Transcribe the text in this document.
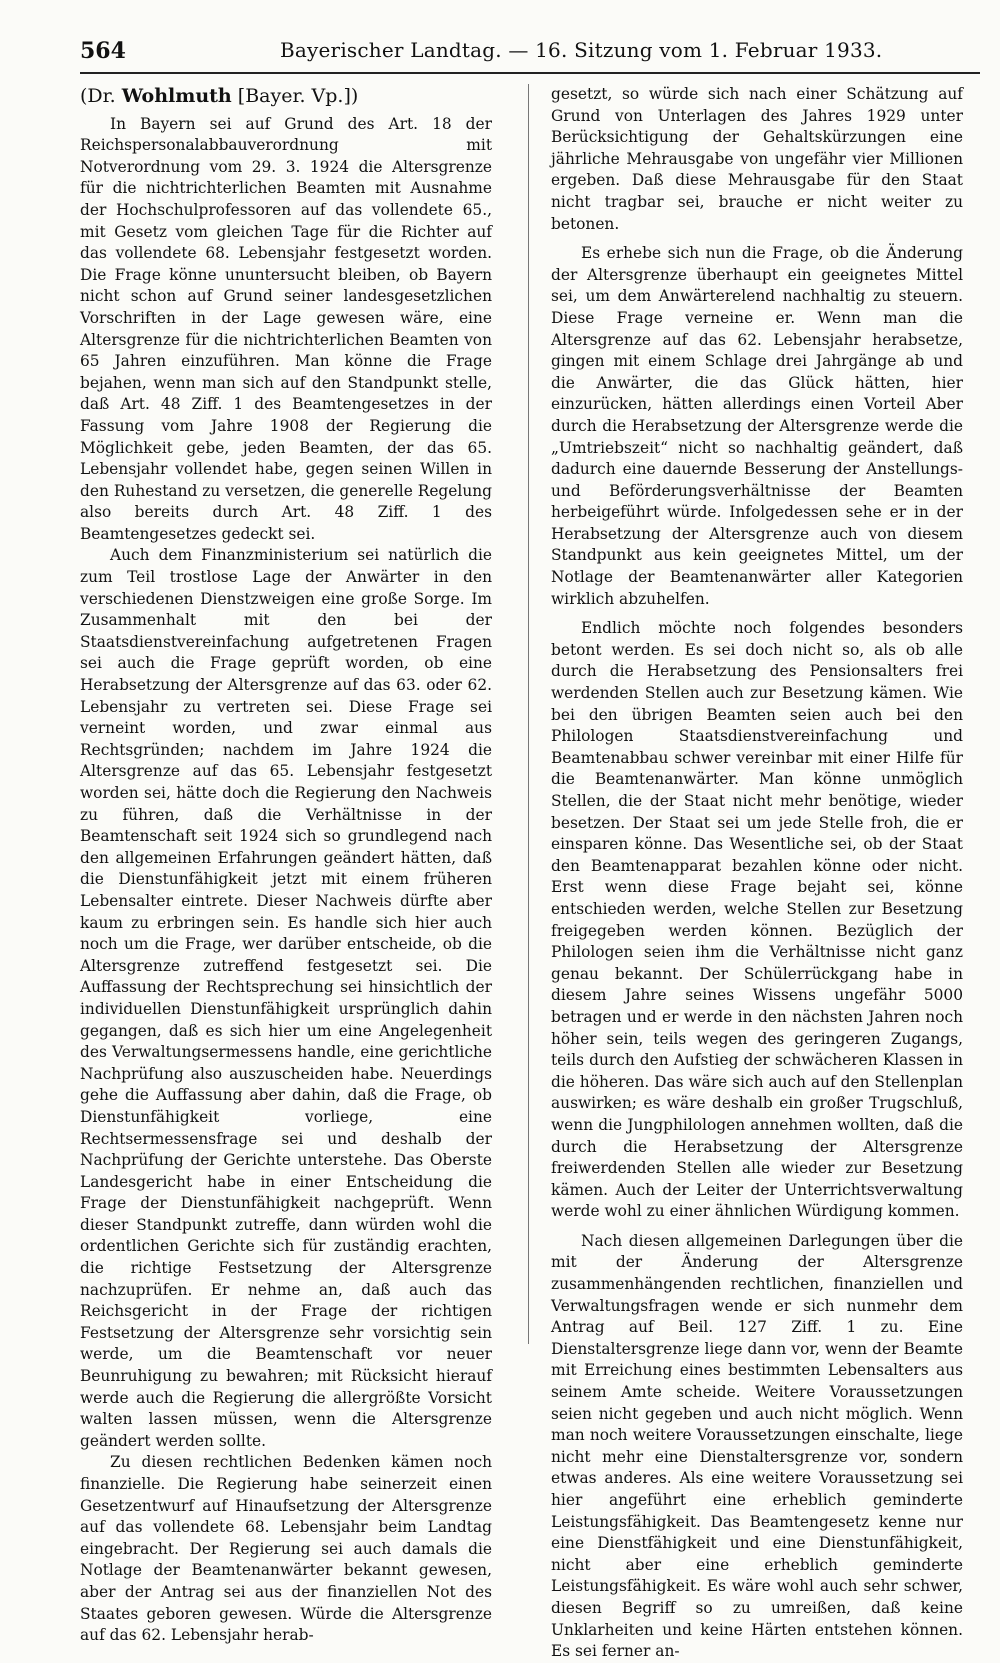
564	Bayerischer Landtag. — 16. Sitzung vom 1. Februar 1933.

(Dr. Wohlmuth [Bayer. Vp.])

In Bayern sei auf Grund des Art. 18 der Reichspersonalabbauverordnung mit Notverordnung vom 29. 3. 1924 die Altersgrenze für die nichtrichterlichen Beamten mit Ausnahme der Hochschulprofessoren auf das vollendete 65., mit Gesetz vom gleichen Tage für die Richter auf das vollendete 68. Lebensjahr festgesetzt worden. Die Frage könne ununtersucht bleiben, ob Bayern nicht schon auf Grund seiner landesgesetzlichen Vorschriften in der Lage gewesen wäre, eine Altersgrenze für die nichtrichterlichen Beamten von 65 Jahren einzuführen. Man könne die Frage bejahen, wenn man sich auf den Standpunkt stelle, daß Art. 48 Ziff. 1 des Beamtengesetzes in der Fassung vom Jahre 1908 der Regierung die Möglichkeit gebe, jeden Beamten, der das 65. Lebensjahr vollendet habe, gegen seinen Willen in den Ruhestand zu versetzen, die generelle Regelung also bereits durch Art. 48 Ziff. 1 des Beamtengesetzes gedeckt sei.

Auch dem Finanzministerium sei natürlich die zum Teil trostlose Lage der Anwärter in den verschiedenen Dienstzweigen eine große Sorge. Im Zusammenhalt mit den bei der Staatsdienstvereinfachung aufgetretenen Fragen sei auch die Frage geprüft worden, ob eine Herabsetzung der Altersgrenze auf das 63. oder 62. Lebensjahr zu vertreten sei. Diese Frage sei verneint worden, und zwar einmal aus Rechtsgründen; nachdem im Jahre 1924 die Altersgrenze auf das 65. Lebensjahr festgesetzt worden sei, hätte doch die Regierung den Nachweis zu führen, daß die Verhältnisse in der Beamtenschaft seit 1924 sich so grundlegend nach den allgemeinen Erfahrungen geändert hätten, daß die Dienstunfähigkeit jetzt mit einem früheren Lebensalter eintrete. Dieser Nachweis dürfte aber kaum zu erbringen sein. Es handle sich hier auch noch um die Frage, wer darüber entscheide, ob die Altersgrenze zutreffend festgesetzt sei. Die Auffassung der Rechtsprechung sei hinsichtlich der individuellen Dienstunfähigkeit ursprünglich dahin gegangen, daß es sich hier um eine Angelegenheit des Verwaltungsermessens handle, eine gerichtliche Nachprüfung also auszuscheiden habe. Neuerdings gehe die Auffassung aber dahin, daß die Frage, ob Dienstunfähigkeit vorliege, eine Rechtsermessensfrage sei und deshalb der Nachprüfung der Gerichte unterstehe. Das Oberste Landesgericht habe in einer Entscheidung die Frage der Dienstunfähigkeit nachgeprüft. Wenn dieser Standpunkt zutreffe, dann würden wohl die ordentlichen Gerichte sich für zuständig erachten, die richtige Festsetzung der Altersgrenze nachzuprüfen. Er nehme an, daß auch das Reichsgericht in der Frage der richtigen Festsetzung der Altersgrenze sehr vorsichtig sein werde, um die Beamtenschaft vor neuer Beunruhigung zu bewahren; mit Rücksicht hierauf werde auch die Regierung die allergrößte Vorsicht walten lassen müssen, wenn die Altersgrenze geändert werden sollte.

Zu diesen rechtlichen Bedenken kämen noch finanzielle. Die Regierung habe seinerzeit einen Gesetzentwurf auf Hinaufsetzung der Altersgrenze auf das vollendete 68. Lebensjahr beim Landtag eingebracht. Der Regierung sei auch damals die Notlage der Beamtenanwärter bekannt gewesen, aber der Antrag sei aus der finanziellen Not des Staates geboren gewesen. Würde die Altersgrenze auf das 62. Lebensjahr herab-

gesetzt, so würde sich nach einer Schätzung auf Grund von Unterlagen des Jahres 1929 unter Berücksichtigung der Gehaltskürzungen eine jährliche Mehrausgabe von ungefähr vier Millionen ergeben. Daß diese Mehrausgabe für den Staat nicht tragbar sei, brauche er nicht weiter zu betonen.

Es erhebe sich nun die Frage, ob die Änderung der Altersgrenze überhaupt ein geeignetes Mittel sei, um dem Anwärterelend nachhaltig zu steuern. Diese Frage verneine er. Wenn man die Altersgrenze auf das 62. Lebensjahr herabsetze, gingen mit einem Schlage drei Jahrgänge ab und die Anwärter, die das Glück hätten, hier einzurücken, hätten allerdings einen Vorteil Aber durch die Herabsetzung der Altersgrenze werde die „Umtriebszeit“ nicht so nachhaltig geändert, daß dadurch eine dauernde Besserung der Anstellungs- und Beförderungsverhältnisse der Beamten herbeigeführt würde. Infolgedessen sehe er in der Herabsetzung der Altersgrenze auch von diesem Standpunkt aus kein geeignetes Mittel, um der Notlage der Beamtenanwärter aller Kategorien wirklich abzuhelfen.

Endlich möchte noch folgendes besonders betont werden. Es sei doch nicht so, als ob alle durch die Herabsetzung des Pensionsalters frei werdenden Stellen auch zur Besetzung kämen. Wie bei den übrigen Beamten seien auch bei den Philologen Staatsdienstvereinfachung und Beamtenabbau schwer vereinbar mit einer Hilfe für die Beamtenanwärter. Man könne unmöglich Stellen, die der Staat nicht mehr benötige, wieder besetzen. Der Staat sei um jede Stelle froh, die er einsparen könne. Das Wesentliche sei, ob der Staat den Beamtenapparat bezahlen könne oder nicht. Erst wenn diese Frage bejaht sei, könne entschieden werden, welche Stellen zur Besetzung freigegeben werden können. Bezüglich der Philologen seien ihm die Verhältnisse nicht ganz genau bekannt. Der Schülerrückgang habe in diesem Jahre seines Wissens ungefähr 5000 betragen und er werde in den nächsten Jahren noch höher sein, teils wegen des geringeren Zugangs, teils durch den Aufstieg der schwächeren Klassen in die höheren. Das wäre sich auch auf den Stellenplan auswirken; es wäre deshalb ein großer Trugschluß, wenn die Jungphilologen annehmen wollten, daß die durch die Herabsetzung der Altersgrenze freiwerdenden Stellen alle wieder zur Besetzung kämen. Auch der Leiter der Unterrichtsverwaltung werde wohl zu einer ähnlichen Würdigung kommen.

Nach diesen allgemeinen Darlegungen über die mit der Änderung der Altersgrenze zusammenhängenden rechtlichen, finanziellen und Verwaltungsfragen wende er sich nunmehr dem Antrag auf Beil. 127 Ziff. 1 zu. Eine Dienstaltersgrenze liege dann vor, wenn der Beamte mit Erreichung eines bestimmten Lebensalters aus seinem Amte scheide. Weitere Voraussetzungen seien nicht gegeben und auch nicht möglich. Wenn man noch weitere Voraussetzungen einschalte, liege nicht mehr eine Dienstaltersgrenze vor, sondern etwas anderes. Als eine weitere Voraussetzung sei hier angeführt eine erheblich geminderte Leistungsfähigkeit. Das Beamtengesetz kenne nur eine Dienstfähigkeit und eine Dienstunfähigkeit, nicht aber eine erheblich geminderte Leistungsfähigkeit. Es wäre wohl auch sehr schwer, diesen Begriff so zu umreißen, daß keine Unklarheiten und keine Härten entstehen können. Es sei ferner an-
